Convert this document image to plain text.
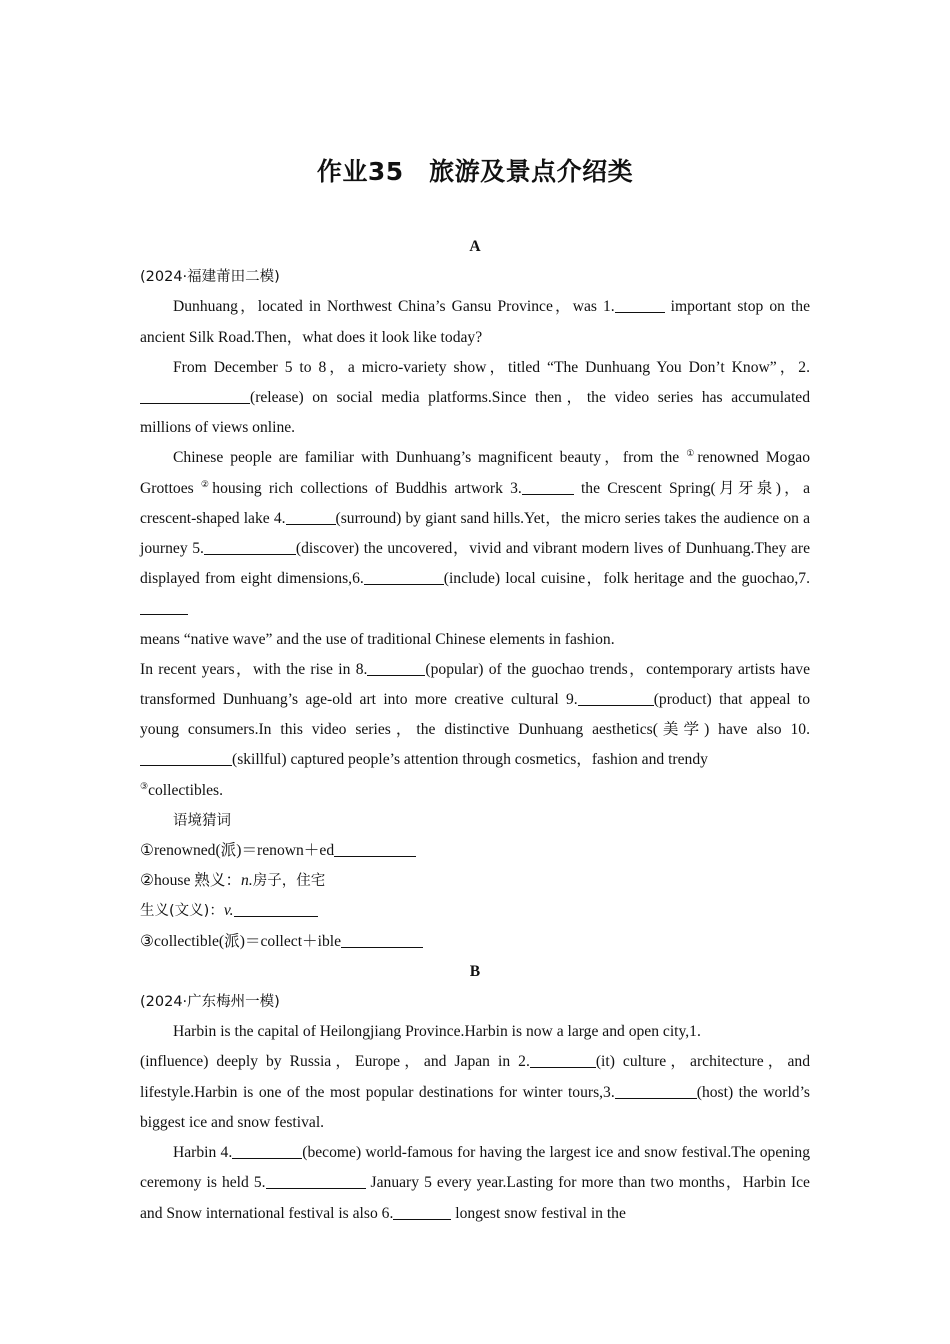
作业35　旅游及景点介绍类

A

(2024·福建莆田二模)

Dunhuang，located in Northwest China’s Gansu Province，was 1.	important stop on the ancient Silk Road.Then，what does it look like today?

From December 5 to 8，a micro-variety show，titled “The Dunhuang You Don’t Know”，2.(release) on social media platforms.Since then，the video series has accumulated millions of views online.

Chinese people are familiar with Dunhuang’s magnificent beauty，from the ①renowned Mogao Grottoes ②housing rich collections of Buddhis artwork 3.	the Crescent Spring(月牙泉)，a crescent-shaped lake 4.	(surround) by giant sand hills.Yet，the micro series takes the audience on a journey 5.	(discover) the uncovered，vivid and vibrant modern lives of Dunhuang.They are displayed from eight dimensions,6.	(include) local cuisine，folk heritage and the guochao,7.

means “native wave” and the use of traditional Chinese elements in fashion.

In recent years，with the rise in 8.	(popular) of the guochao trends，contemporary artists have transformed Dunhuang’s age-old art into more creative cultural 9.	(product) that appeal to young consumers.In this video series，the distinctive Dunhuang aesthetics(美学) have also 10.(skillful) captured people’s attention through cosmetics，fashion and trendy
③collectibles.

语境猜词

①renowned(派)＝renown＋ed

②house 熟义：n.房子，住宅

生义(文义)：v.

③collectible(派)＝collect＋ible

B

(2024·广东梅州一模)

Harbin is the capital of Heilongjiang Province.Harbin is now a large and open city,1.
(influence) deeply by Russia，Europe，and Japan in 2.	(it) culture，architecture，and lifestyle.Harbin is one of the most popular destinations for winter tours,3.	(host) the world’s biggest ice and snow festival.

Harbin 4.	(become) world-famous for having the largest ice and snow festival.The opening ceremony is held 5.	January 5 every year.Lasting for more than two months，Harbin Ice and Snow international festival is also 6.	longest snow festival in the
